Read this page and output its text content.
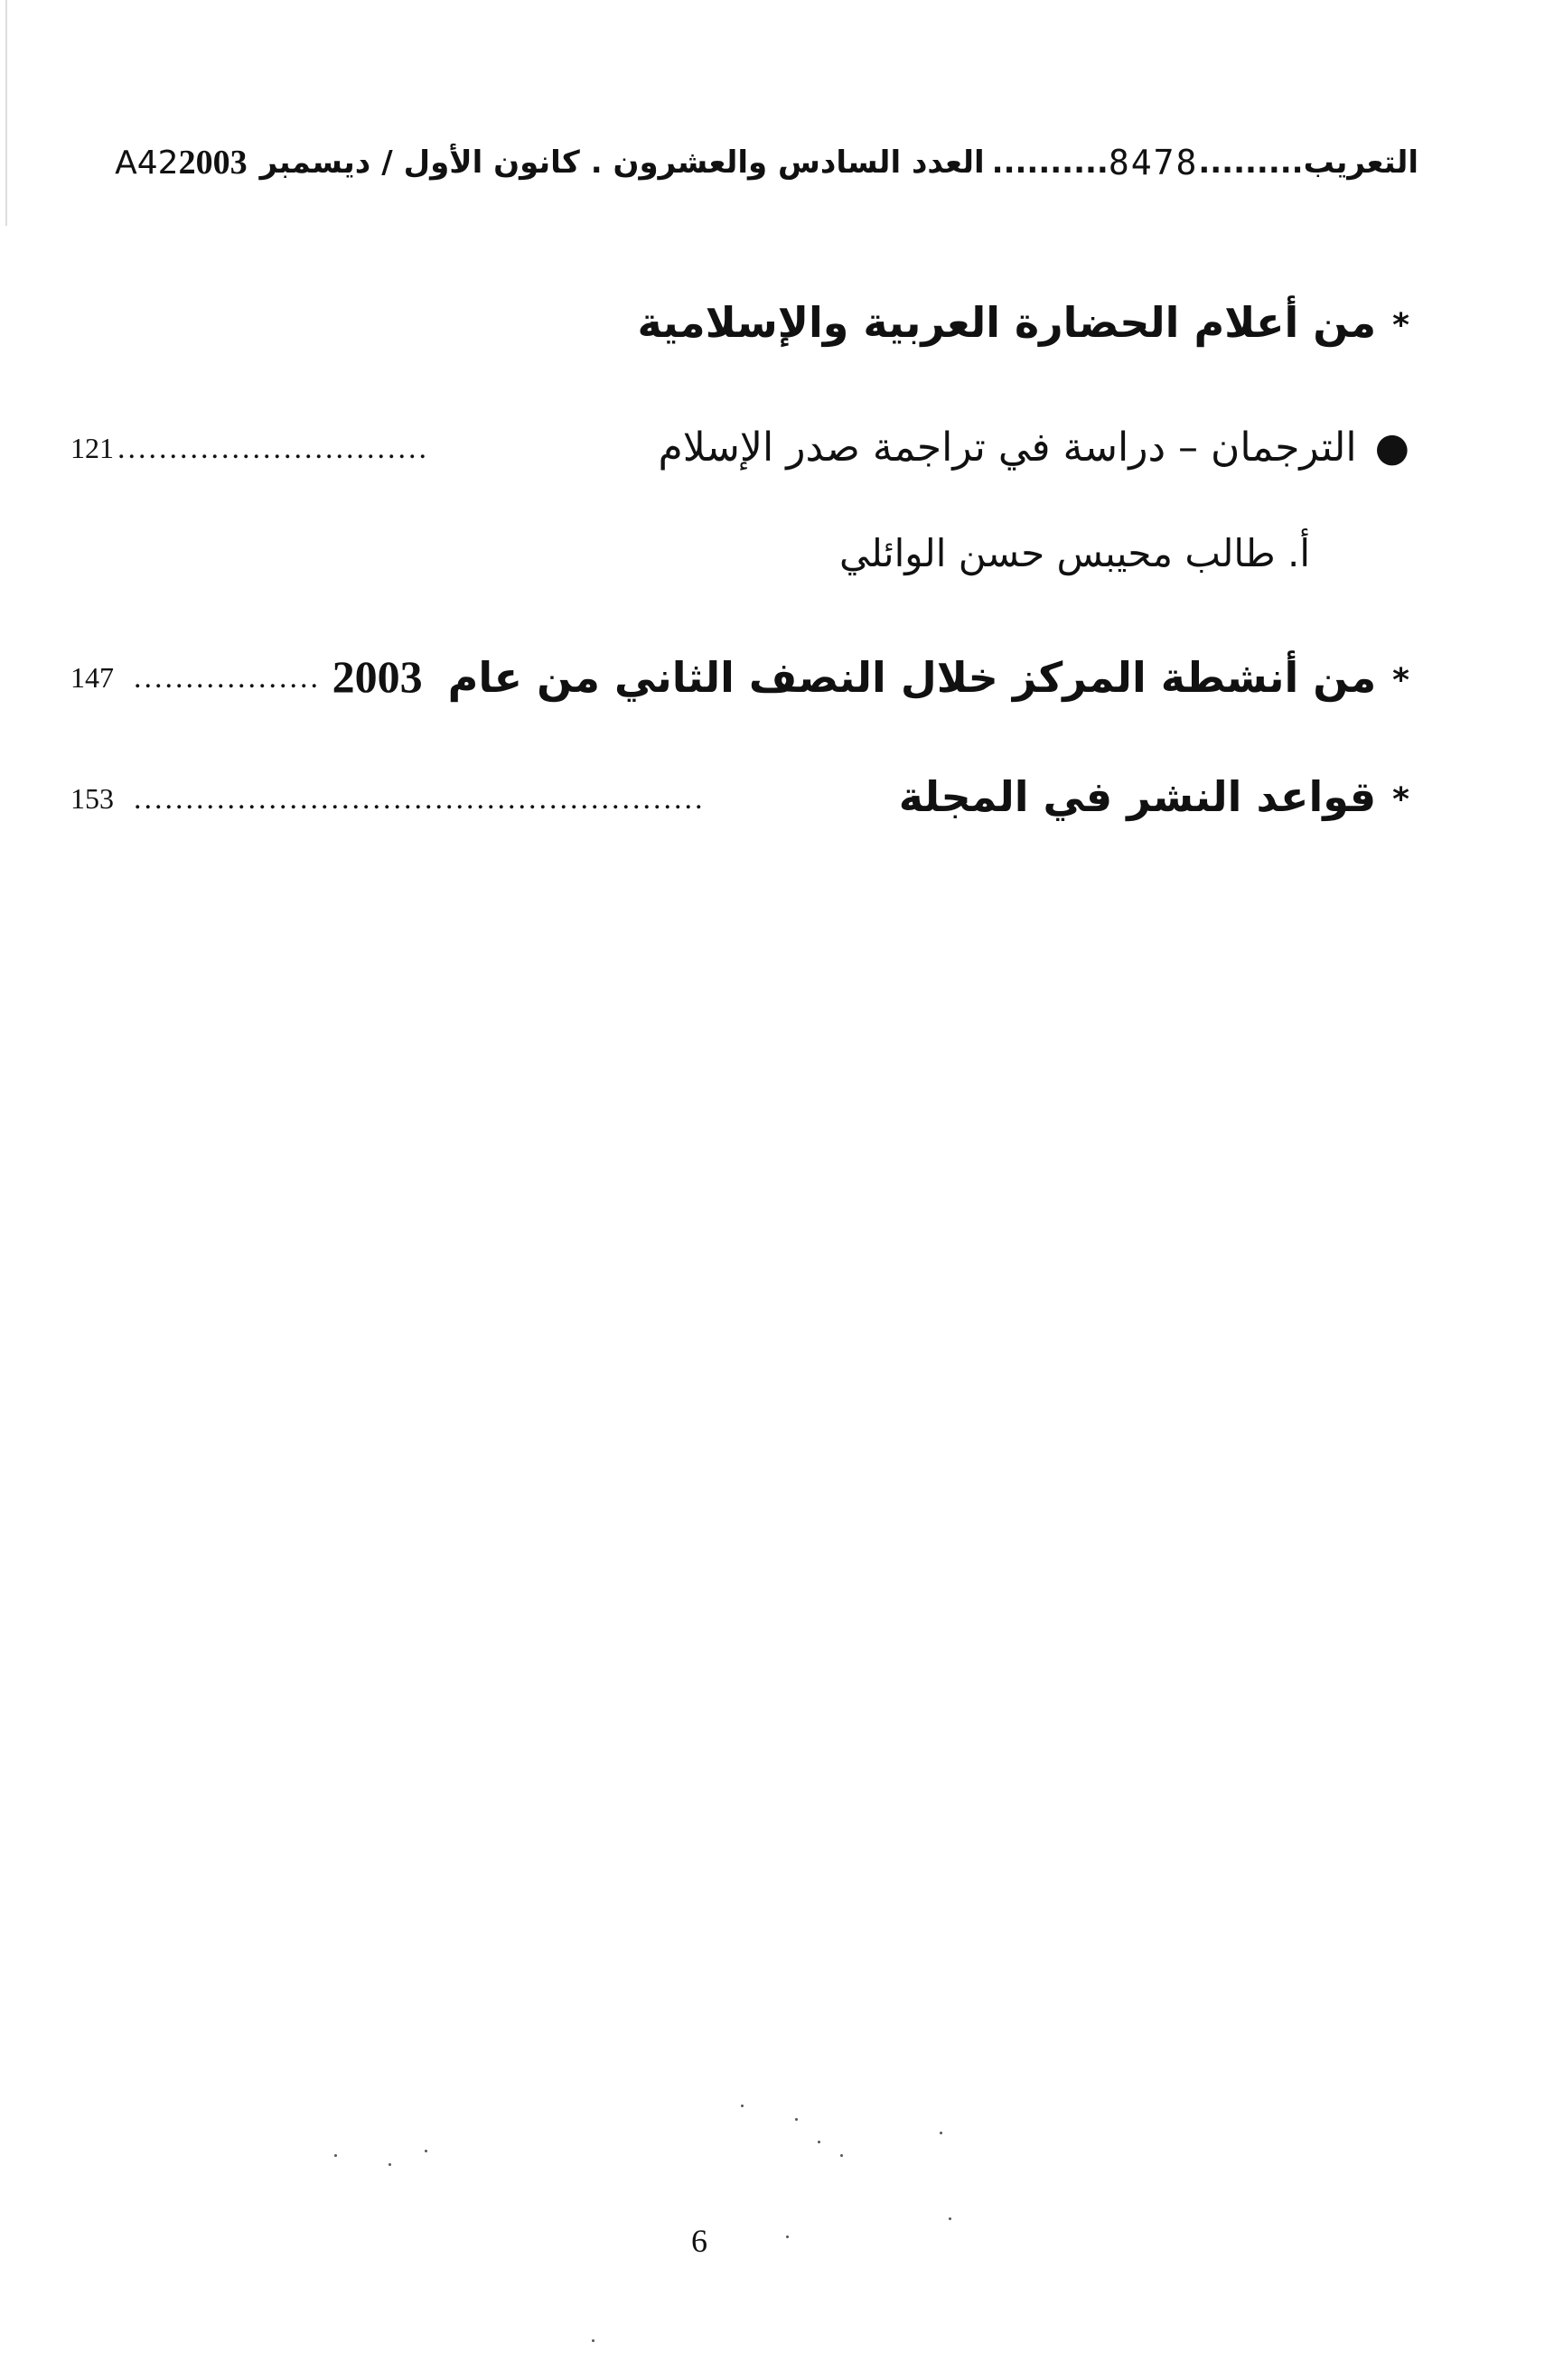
التعريب
.........
8478
..........
العدد السادس والعشرون .
كانون الأول
/
ديسمبر
2003
A42
*من أعلام الحضارة العربية والإسلامية
●الترجمان – دراسة في تراجمة صدر الإسلام
..............................
121
أ. طالب محيبس حسن الوائلي
*من أنشطة المركز خلال النصف الثاني من عام 2003
..................
147
*قواعد النشر في المجلة
.......................................................
153
6
